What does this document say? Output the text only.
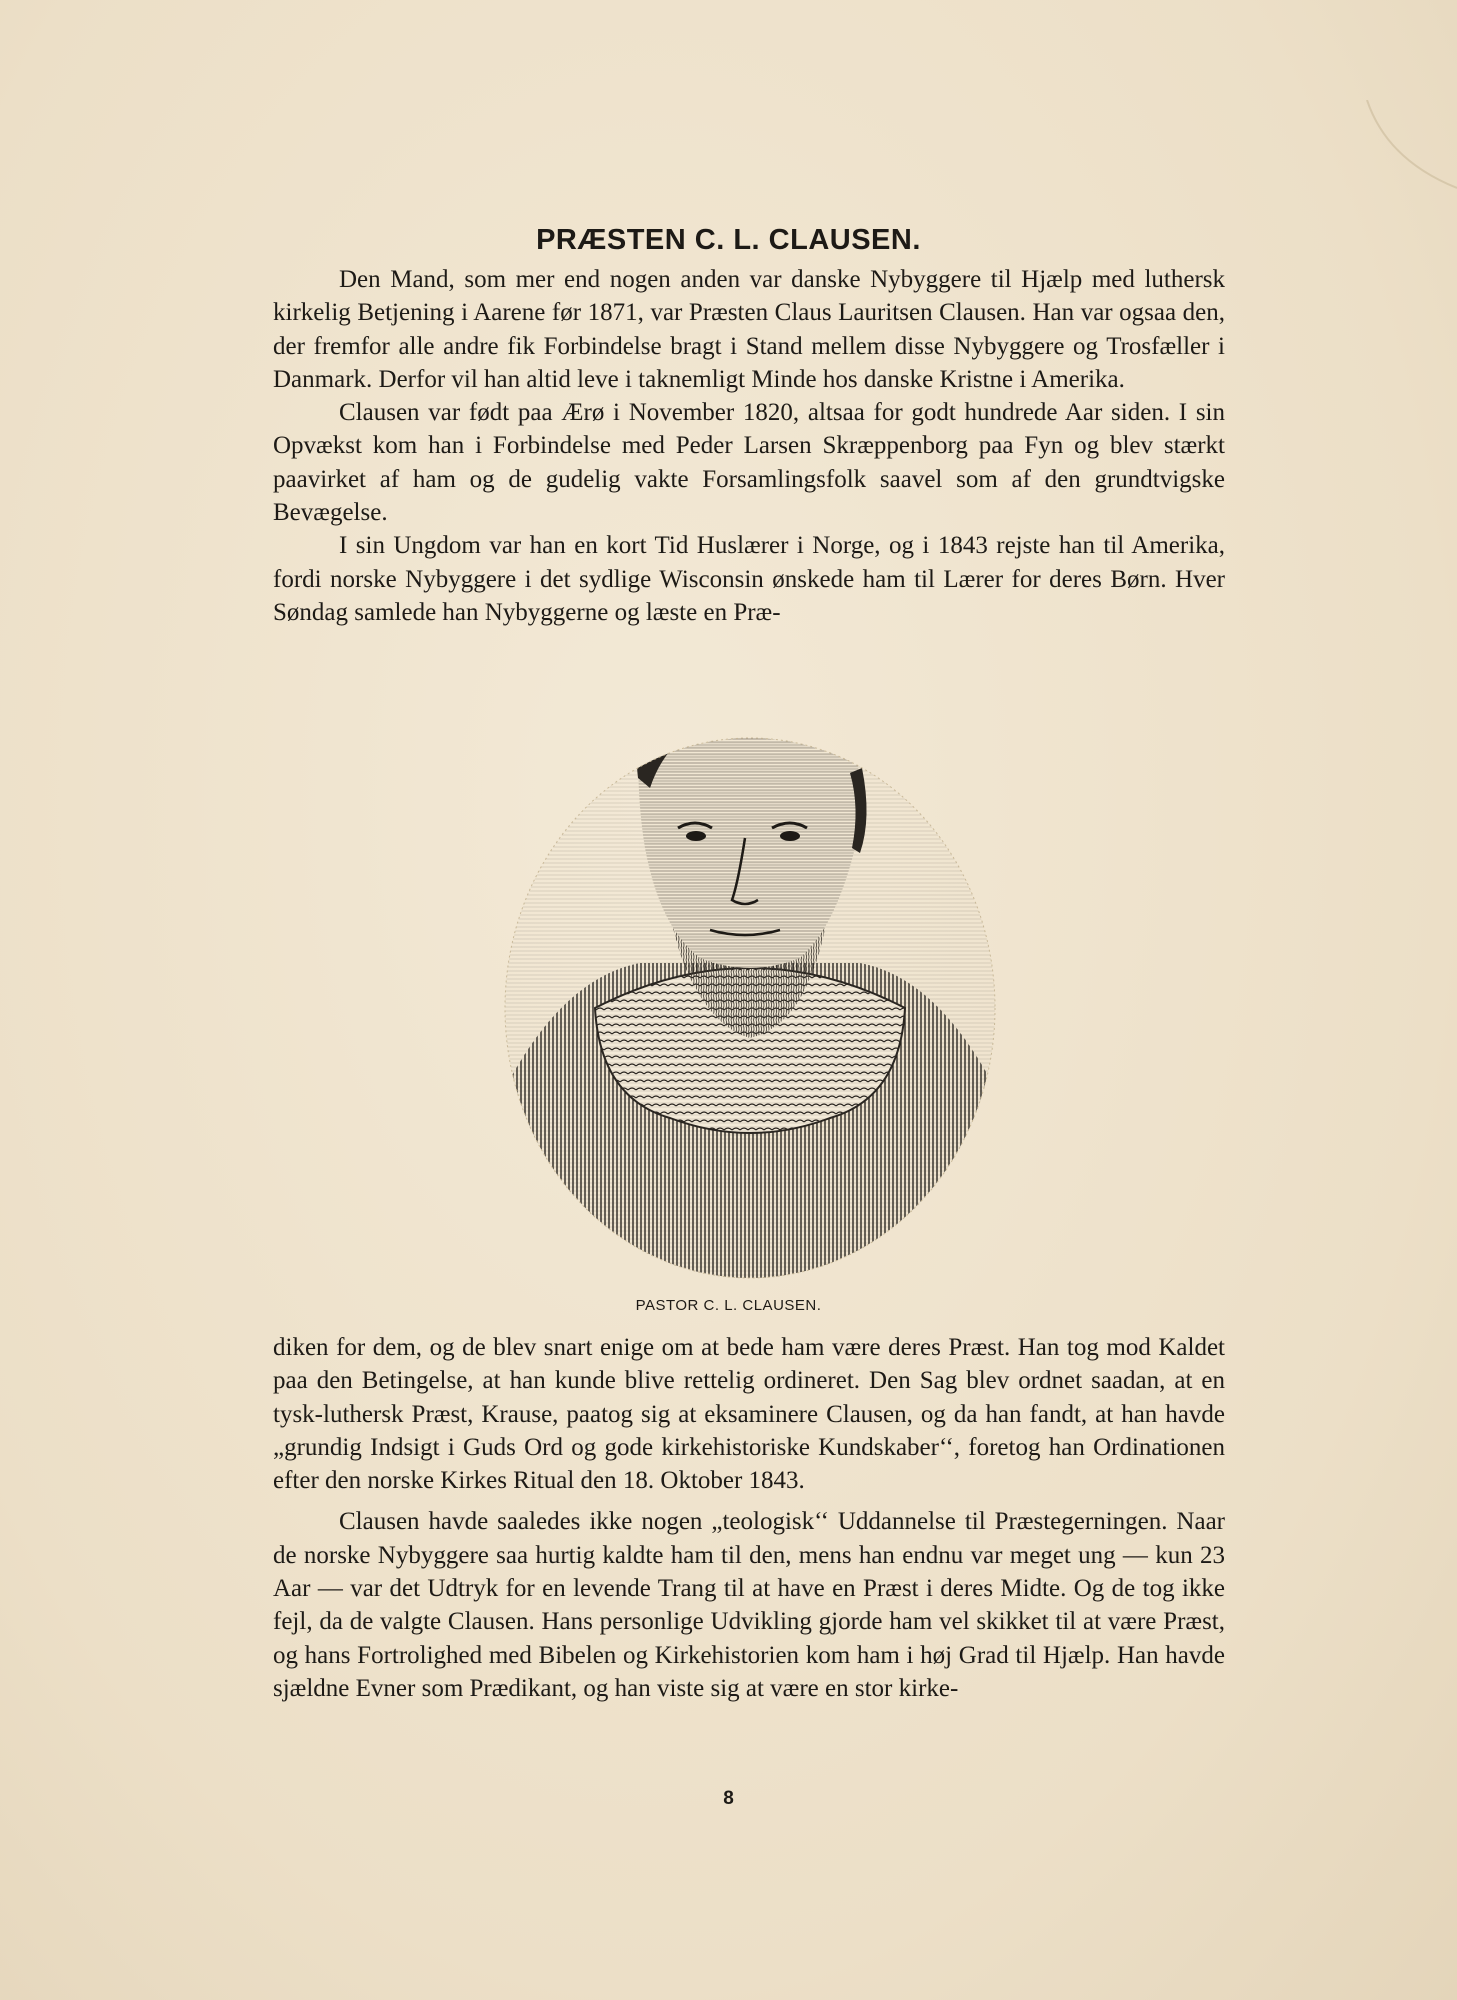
PRÆSTEN C. L. CLAUSEN.

Den Mand, som mer end nogen anden var danske Nybyggere til Hjælp med luthersk kirkelig Betjening i Aarene før 1871, var Præsten Claus Lauritsen Clausen. Han var ogsaa den, der fremfor alle andre fik Forbindelse bragt i Stand mellem disse Nybyggere og Trosfæller i Danmark. Derfor vil han altid leve i taknemligt Minde hos danske Kristne i Amerika.

Clausen var født paa Ærø i November 1820, altsaa for godt hundrede Aar siden. I sin Opvækst kom han i Forbindelse med Peder Larsen Skræppenborg paa Fyn og blev stærkt paavirket af ham og de gudelig vakte Forsamlingsfolk saavel som af den grundtvigske Bevægelse.

I sin Ungdom var han en kort Tid Huslærer i Norge, og i 1843 rejste han til Amerika, fordi norske Nybyggere i det sydlige Wisconsin ønskede ham til Lærer for deres Børn. Hver Søndag samlede han Nybyggerne og læste en Præ-

PASTOR C. L. CLAUSEN.

diken for dem, og de blev snart enige om at bede ham være deres Præst. Han tog mod Kaldet paa den Betingelse, at han kunde blive rettelig ordineret. Den Sag blev ordnet saadan, at en tysk-luthersk Præst, Krause, paatog sig at eksaminere Clausen, og da han fandt, at han havde „grundig Indsigt i Guds Ord og gode kirkehistoriske Kundskaber‘‘, foretog han Ordinationen efter den norske Kirkes Ritual den 18. Oktober 1843.

Clausen havde saaledes ikke nogen „teologisk‘‘ Uddannelse til Præstegerningen. Naar de norske Nybyggere saa hurtig kaldte ham til den, mens han endnu var meget ung — kun 23 Aar — var det Udtryk for en levende Trang til at have en Præst i deres Midte. Og de tog ikke fejl, da de valgte Clausen. Hans personlige Udvikling gjorde ham vel skikket til at være Præst, og hans Fortrolighed med Bibelen og Kirkehistorien kom ham i høj Grad til Hjælp. Han havde sjældne Evner som Prædikant, og han viste sig at være en stor kirke-

8
